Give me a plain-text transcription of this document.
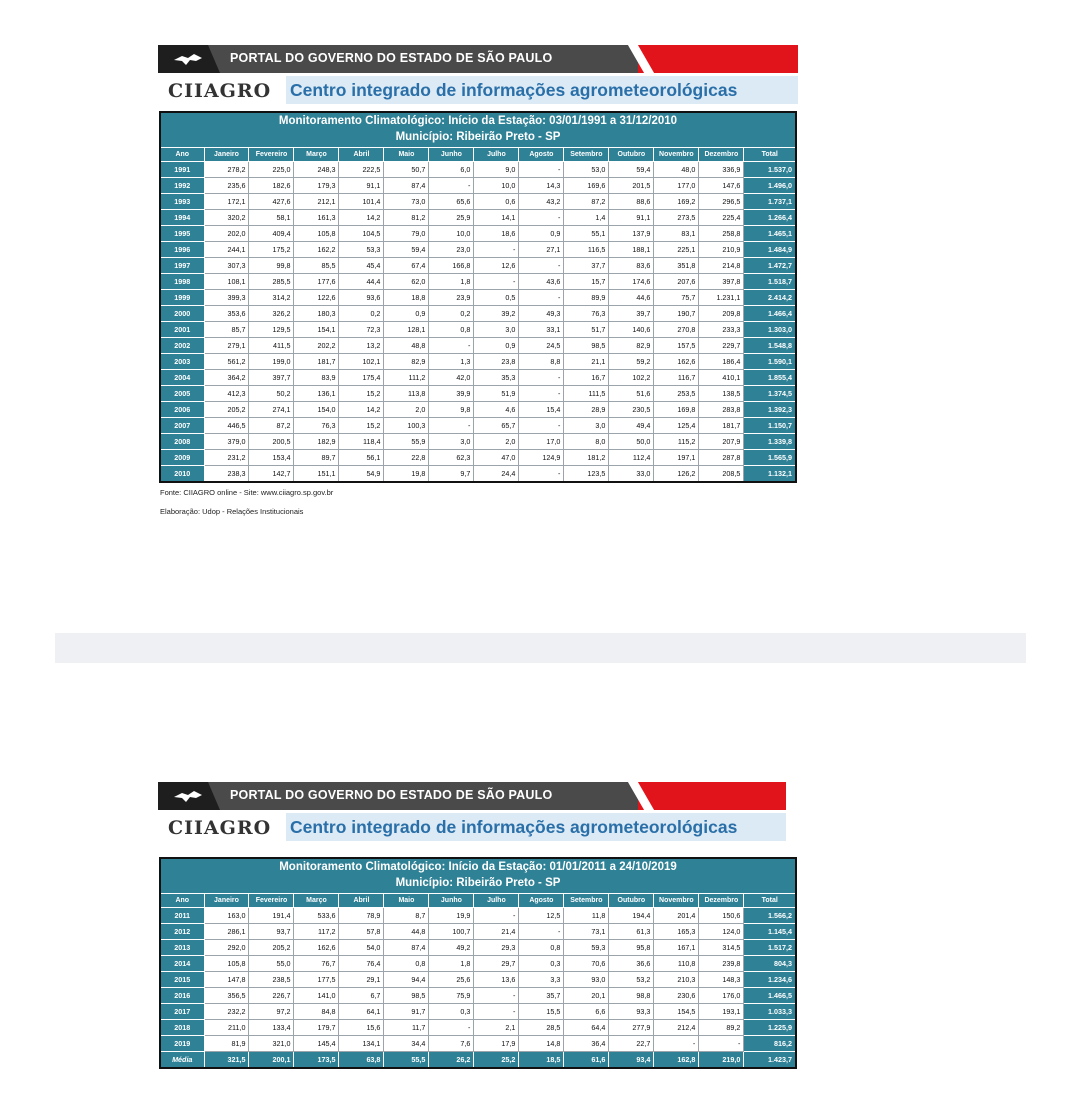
PORTAL DO GOVERNO DO ESTADO DE SÃO PAULO
CIIAGRO Centro integrado de informações agrometeorológicas
Monitoramento Climatológico: Início da Estação: 03/01/1991 a 31/12/2010													
Município: Ribeirão Preto - SP													
Ano	Janeiro	Fevereiro	Março	Abril	Maio	Junho	Julho	Agosto	Setembro	Outubro	Novembro	Dezembro	Total
1991	278,2	225,0	248,3	222,5	50,7	6,0	9,0	-	53,0	59,4	48,0	336,9	1.537,0
1992	235,6	182,6	179,3	91,1	87,4	-	10,0	14,3	169,6	201,5	177,0	147,6	1.496,0
1993	172,1	427,6	212,1	101,4	73,0	65,6	0,6	43,2	87,2	88,6	169,2	296,5	1.737,1
1994	320,2	58,1	161,3	14,2	81,2	25,9	14,1	-	1,4	91,1	273,5	225,4	1.266,4
1995	202,0	409,4	105,8	104,5	79,0	10,0	18,6	0,9	55,1	137,9	83,1	258,8	1.465,1
1996	244,1	175,2	162,2	53,3	59,4	23,0	-	27,1	116,5	188,1	225,1	210,9	1.484,9
1997	307,3	99,8	85,5	45,4	67,4	166,8	12,6	-	37,7	83,6	351,8	214,8	1.472,7
1998	108,1	285,5	177,6	44,4	62,0	1,8	-	43,6	15,7	174,6	207,6	397,8	1.518,7
1999	399,3	314,2	122,6	93,6	18,8	23,9	0,5	-	89,9	44,6	75,7	1.231,1	2.414,2
2000	353,6	326,2	180,3	0,2	0,9	0,2	39,2	49,3	76,3	39,7	190,7	209,8	1.466,4
2001	85,7	129,5	154,1	72,3	128,1	0,8	3,0	33,1	51,7	140,6	270,8	233,3	1.303,0
2002	279,1	411,5	202,2	13,2	48,8	-	0,9	24,5	98,5	82,9	157,5	229,7	1.548,8
2003	561,2	199,0	181,7	102,1	82,9	1,3	23,8	8,8	21,1	59,2	162,6	186,4	1.590,1
2004	364,2	397,7	83,9	175,4	111,2	42,0	35,3	-	16,7	102,2	116,7	410,1	1.855,4
2005	412,3	50,2	136,1	15,2	113,8	39,9	51,9	-	111,5	51,6	253,5	138,5	1.374,5
2006	205,2	274,1	154,0	14,2	2,0	9,8	4,6	15,4	28,9	230,5	169,8	283,8	1.392,3
2007	446,5	87,2	76,3	15,2	100,3	-	65,7	-	3,0	49,4	125,4	181,7	1.150,7
2008	379,0	200,5	182,9	118,4	55,9	3,0	2,0	17,0	8,0	50,0	115,2	207,9	1.339,8
2009	231,2	153,4	89,7	56,1	22,8	62,3	47,0	124,9	181,2	112,4	197,1	287,8	1.565,9
2010	238,3	142,7	151,1	54,9	19,8	9,7	24,4	-	123,5	33,0	126,2	208,5	1.132,1
Fonte: CIIAGRO online - Site: www.ciiagro.sp.gov.br
Elaboração: Udop - Relações Institucionais
PORTAL DO GOVERNO DO ESTADO DE SÃO PAULO
CIIAGRO Centro integrado de informações agrometeorológicas
Monitoramento Climatológico: Início da Estação: 01/01/2011 a 24/10/2019													
Município: Ribeirão Preto - SP													
Ano	Janeiro	Fevereiro	Março	Abril	Maio	Junho	Julho	Agosto	Setembro	Outubro	Novembro	Dezembro	Total
2011	163,0	191,4	533,6	78,9	8,7	19,9	-	12,5	11,8	194,4	201,4	150,6	1.566,2
2012	286,1	93,7	117,2	57,8	44,8	100,7	21,4	-	73,1	61,3	165,3	124,0	1.145,4
2013	292,0	205,2	162,6	54,0	87,4	49,2	29,3	0,8	59,3	95,8	167,1	314,5	1.517,2
2014	105,8	55,0	76,7	76,4	0,8	1,8	29,7	0,3	70,6	36,6	110,8	239,8	804,3
2015	147,8	238,5	177,5	29,1	94,4	25,6	13,6	3,3	93,0	53,2	210,3	148,3	1.234,6
2016	356,5	226,7	141,0	6,7	98,5	75,9	-	35,7	20,1	98,8	230,6	176,0	1.466,5
2017	232,2	97,2	84,8	64,1	91,7	0,3	-	15,5	6,6	93,3	154,5	193,1	1.033,3
2018	211,0	133,4	179,7	15,6	11,7	-	2,1	28,5	64,4	277,9	212,4	89,2	1.225,9
2019	81,9	321,0	145,4	134,1	34,4	7,6	17,9	14,8	36,4	22,7	-	-	816,2
Média	321,5	200,1	173,5	63,8	55,5	26,2	25,2	18,5	61,6	93,4	162,8	219,0	1.423,7
